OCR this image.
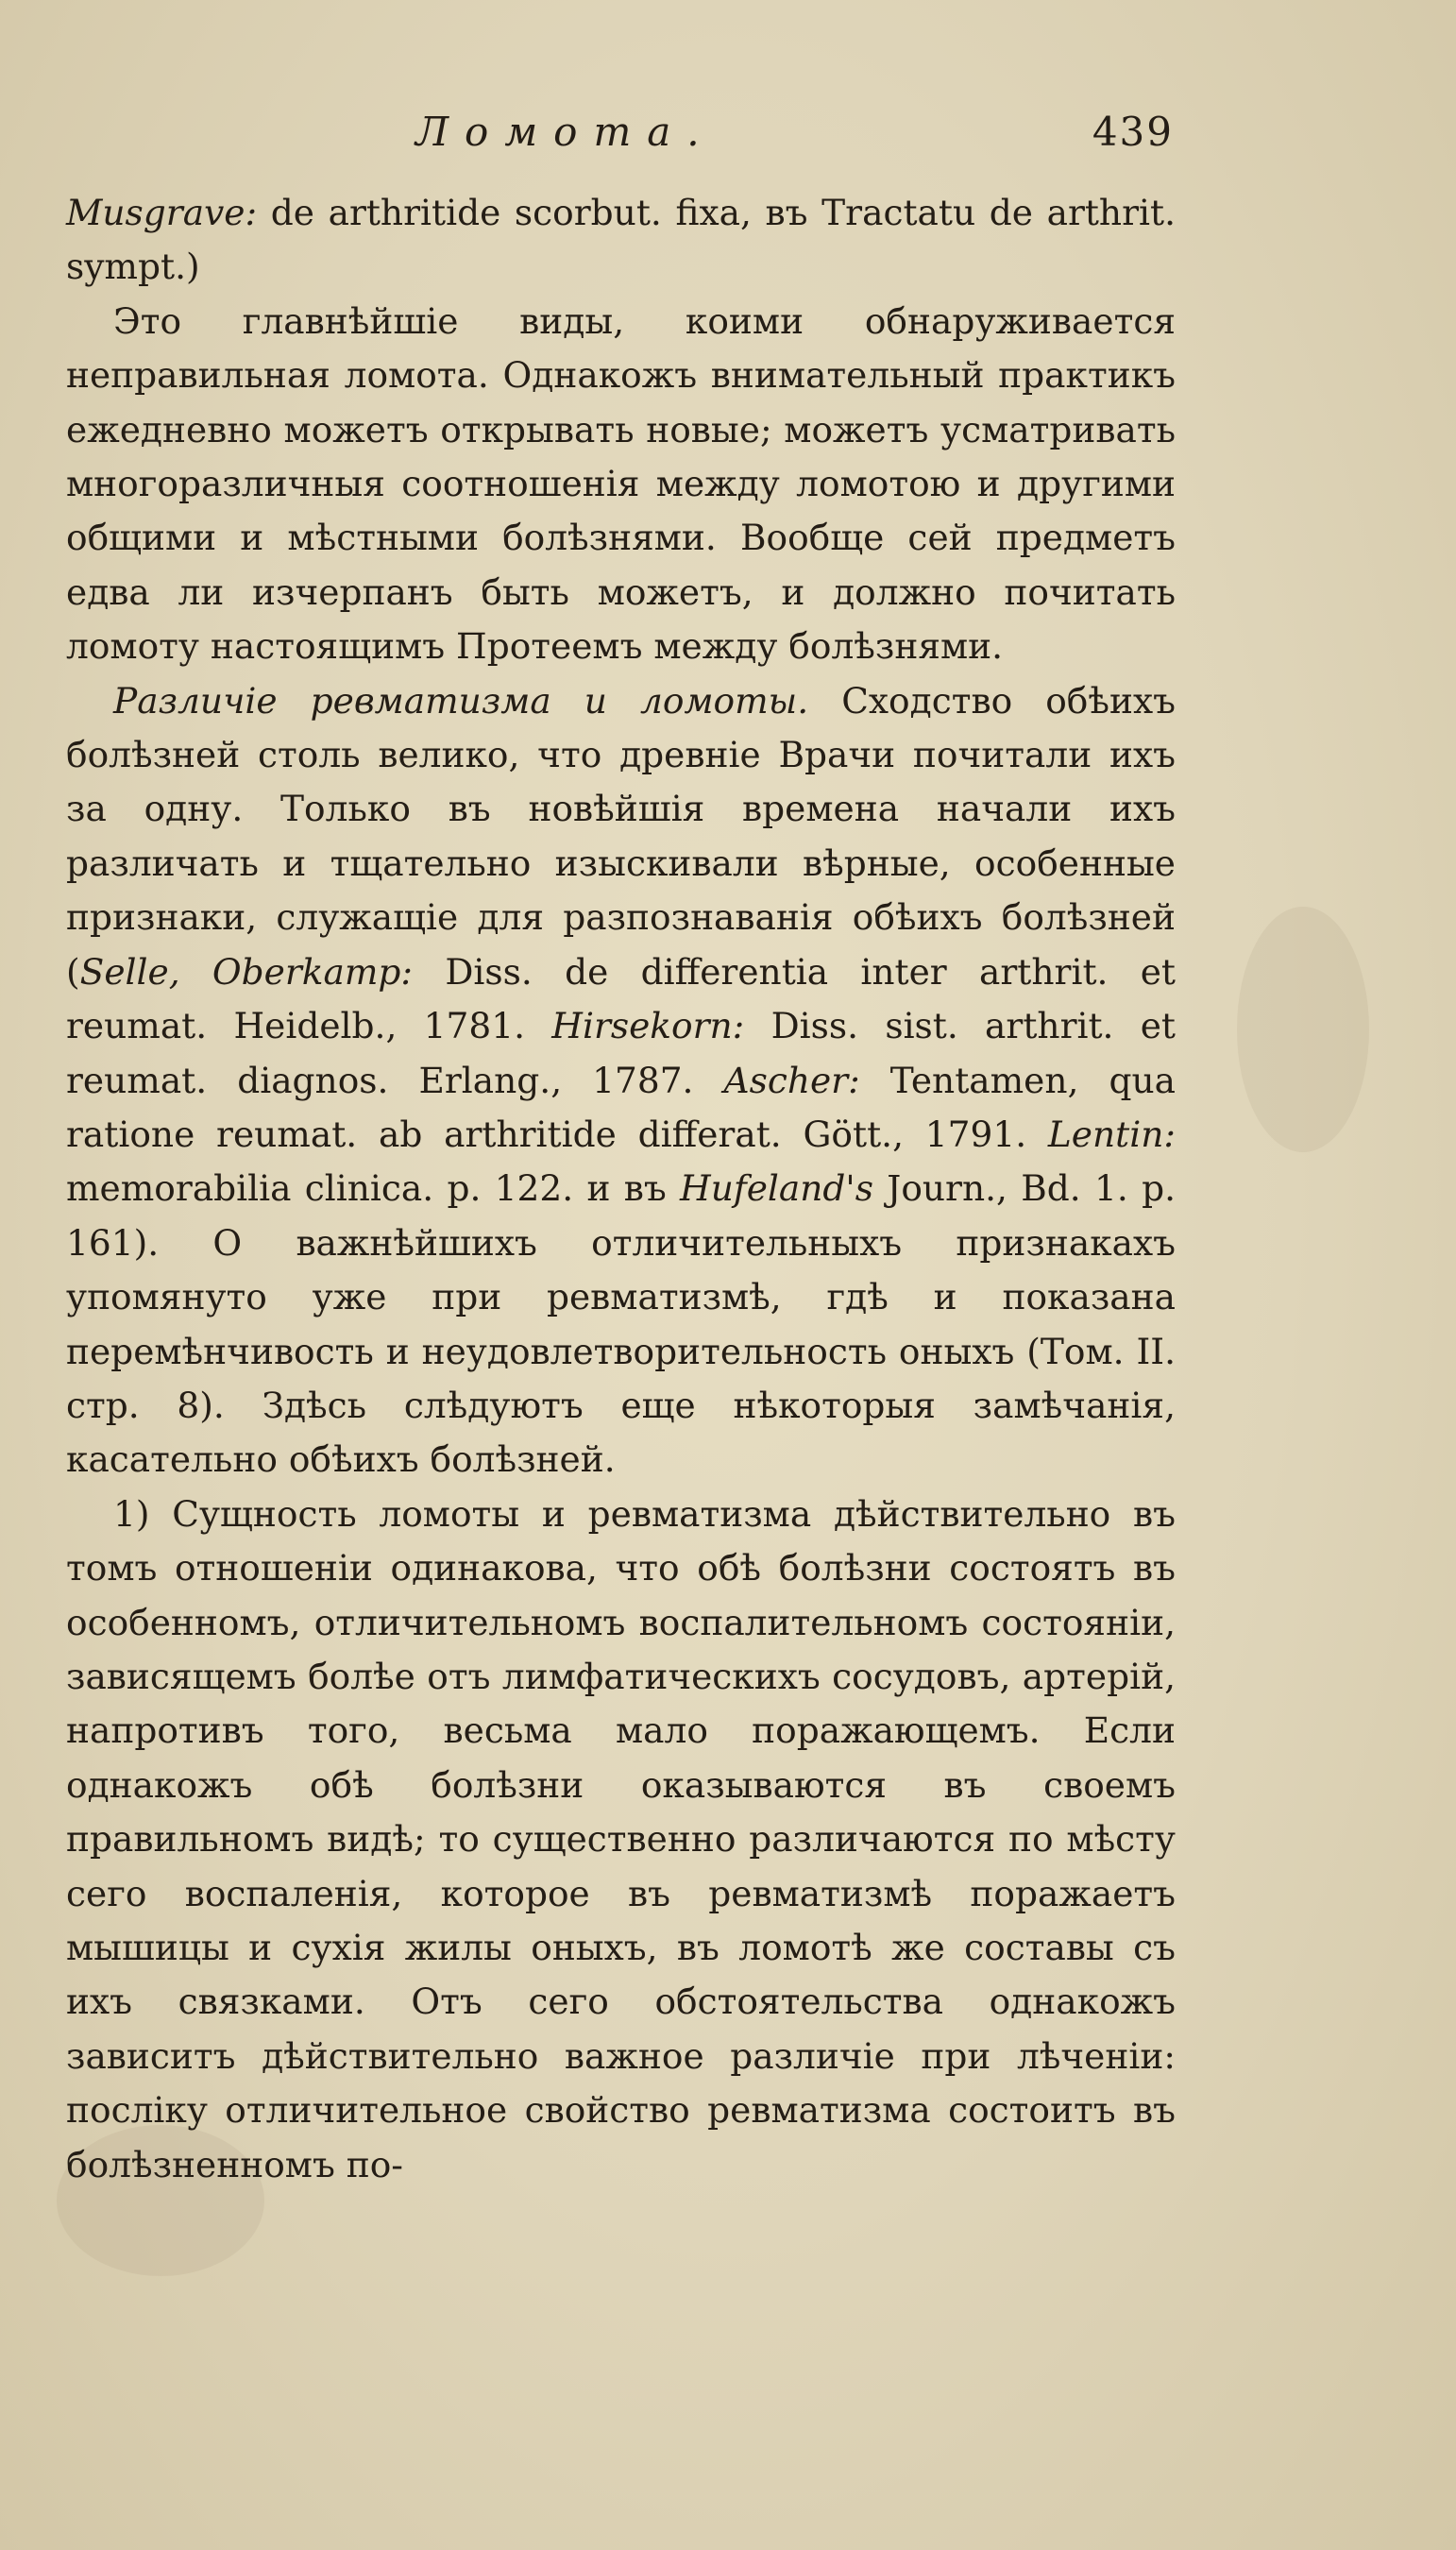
Ломота.	439

Musgrave: de arthritide scorbut. fixa, въ Tractatu de arthrit. sympt.)

Это главнѣйшіе виды, коими обнаруживается неправильная ломота. Однакожъ внимательный практикъ ежедневно можетъ открывать новые; можетъ усматривать многоразличныя соотношенія между ломотою и другими общими и мѣстными болѣзнями. Вообще сей предметъ едва ли изчерпанъ быть можетъ, и должно почитать ломоту настоящимъ Протеемъ между болѣзнями.

Различіе ревматизма и ломоты. Сходство обѣихъ болѣзней столь велико, что древніе Врачи почитали ихъ за одну. Только въ новѣйшія времена начали ихъ различать и тщательно изыскивали вѣрные, особенные признаки, служащіе для разпознаванія обѣихъ болѣзней (Selle, Oberkamp: Diss. de differentia inter arthrit. et reumat. Heidelb., 1781. Hirsekorn: Diss. sist. arthrit. et reumat. diagnos. Erlang., 1787. Ascher: Tentamen, qua ratione reumat. ab arthritide differat. Gött., 1791. Lentin: memorabilia clinica. p. 122. и въ Hufeland's Journ., Bd. 1. p. 161). О важнѣйшихъ отличительныхъ признакахъ упомянуто уже при ревматизмѣ, гдѣ и показана перемѣнчивость и неудовлетворительность оныхъ (Том. II. стр. 8). Здѣсь слѣдуютъ еще нѣкоторыя замѣчанія, касательно обѣихъ болѣзней.

1) Сущность ломоты и ревматизма дѣйствительно въ томъ отношеніи одинакова, что обѣ болѣзни состоятъ въ особенномъ, отличительномъ воспалительномъ состояніи, зависящемъ болѣе отъ лимфатическихъ сосудовъ, артерій, напротивъ того, весьма мало поражающемъ. Если однакожъ обѣ болѣзни оказываются въ своемъ правильномъ видѣ; то существенно различаются по мѣсту сего воспаленія, которое въ ревматизмѣ поражаетъ мышицы и сухія жилы оныхъ, въ ломотѣ же составы съ ихъ связками. Отъ сего обстоятельства однакожъ зависитъ дѣйствительно важное различіе при лѣченіи: посліку отличительное свойство ревматизма состоитъ въ болѣзненномъ по-
